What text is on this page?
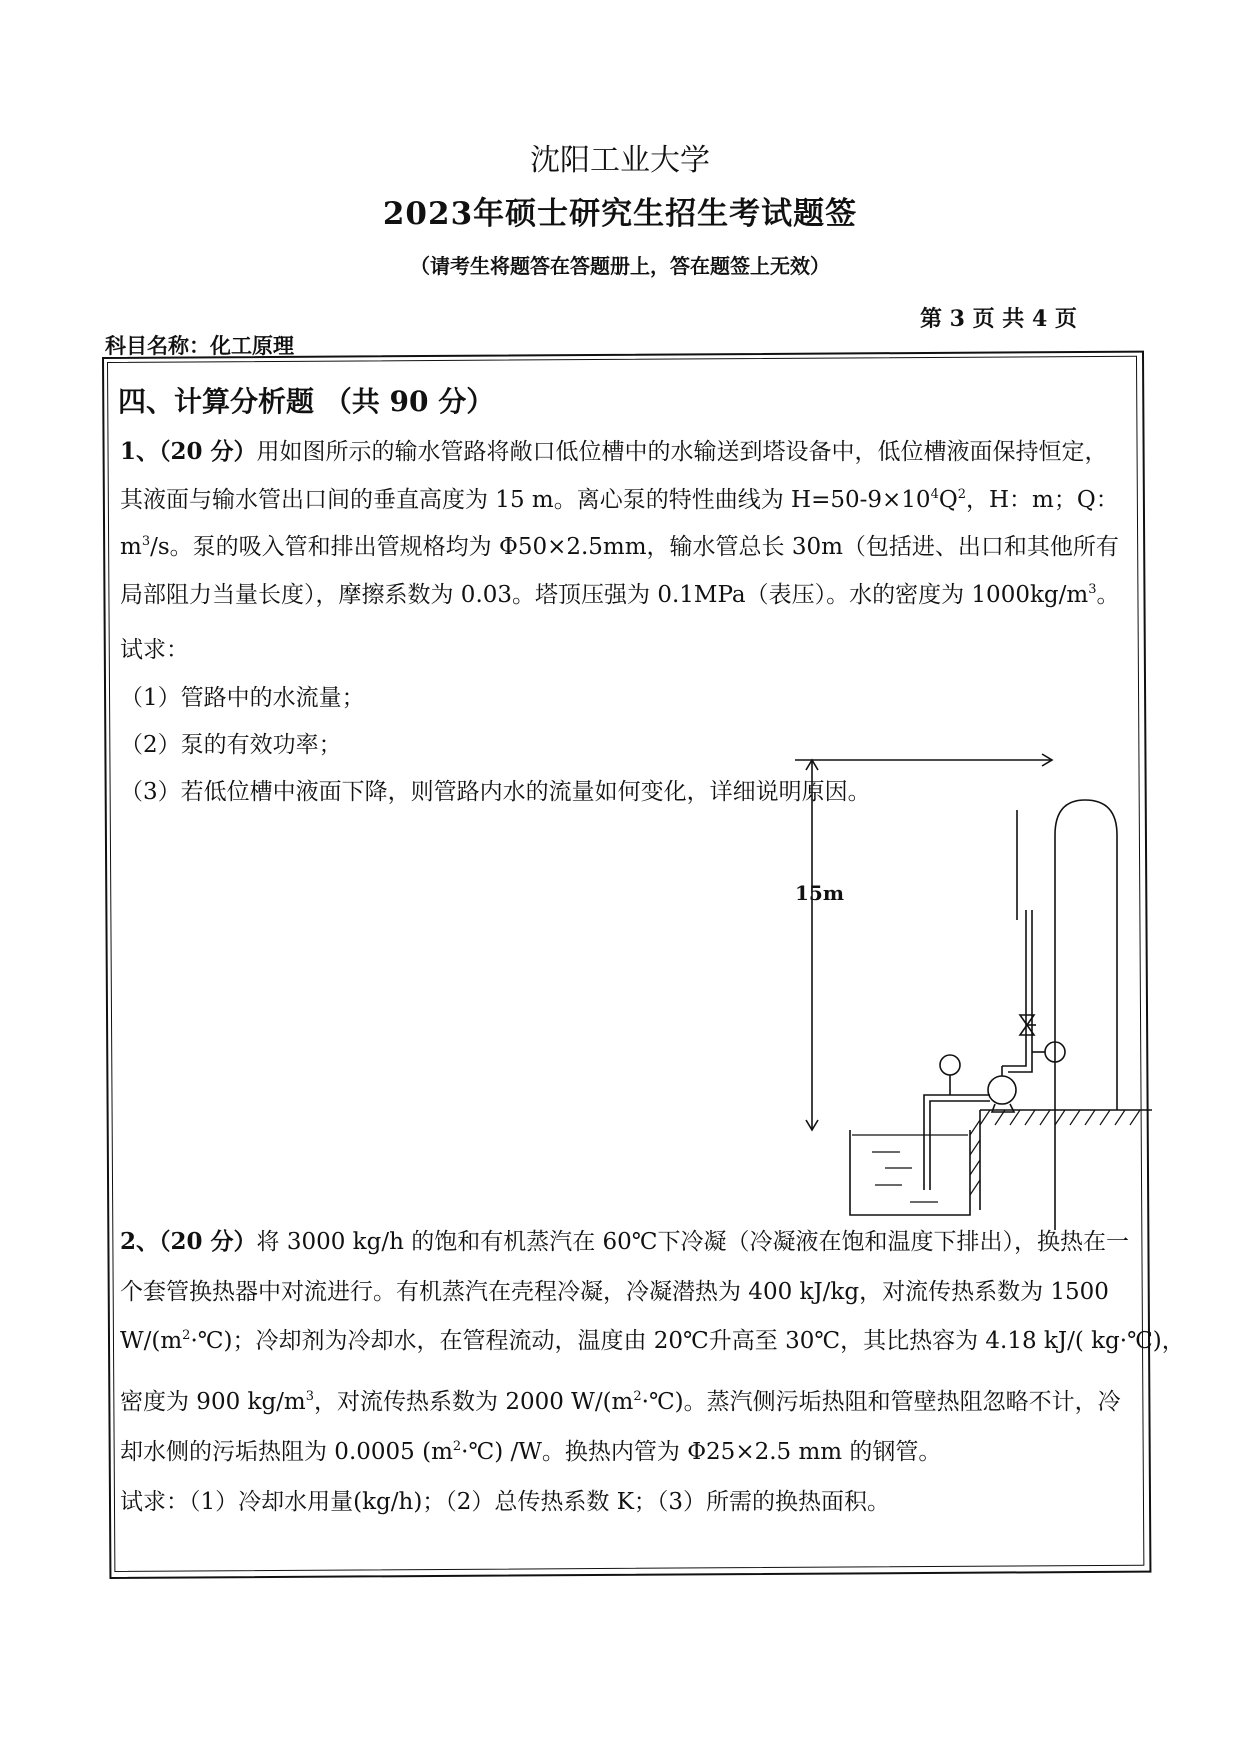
沈阳工业大学
2023年硕士研究生招生考试题签
（请考生将题答在答题册上，答在题签上无效）
第 3 页 共 4 页
科目名称：化工原理
四、计算分析题 （共 90 分）
1、（20 分）用如图所示的输水管路将敞口低位槽中的水输送到塔设备中，低位槽液面保持恒定，
其液面与输水管出口间的垂直高度为 15 m。离心泵的特性曲线为 $H=50-9\times 10^4Q^2$，H：m；Q：
$m^3/s$。泵的吸入管和排出管规格均为 Φ50×2.5mm，输水管总长 30m（包括进、出口和其他所有
局部阻力当量长度），摩擦系数为 0.03。塔顶压强为 0.1MPa（表压）。水的密度为 $1000kg/m^3$。
试求：
（1）管路中的水流量；
（2）泵的有效功率；
（3）若低位槽中液面下降，则管路内水的流量如何变化，详细说明原因。
15m
2、（20 分）将 3000 kg/h 的饱和有机蒸汽在 60℃下冷凝（冷凝液在饱和温度下排出），换热在一
个套管换热器中对流进行。有机蒸汽在壳程冷凝，冷凝潜热为 400 kJ/kg，对流传热系数为 1500
$W/(m^2\cdot℃)$；冷却剂为冷却水，在管程流动，温度由 20℃升高至 30℃，其比热容为 4.18 kJ/( kg·℃)，
密度为 900 $kg/m^3$，对流传热系数为 2000 $W/(m^2\cdot℃)$。蒸汽侧污垢热阻和管壁热阻忽略不计，冷
却水侧的污垢热阻为 0.0005 $(m^2\cdot℃)$ /W。换热内管为 Φ25×2.5 mm 的钢管。
试求：（1）冷却水用量(kg/h)；（2）总传热系数 K；（3）所需的换热面积。
